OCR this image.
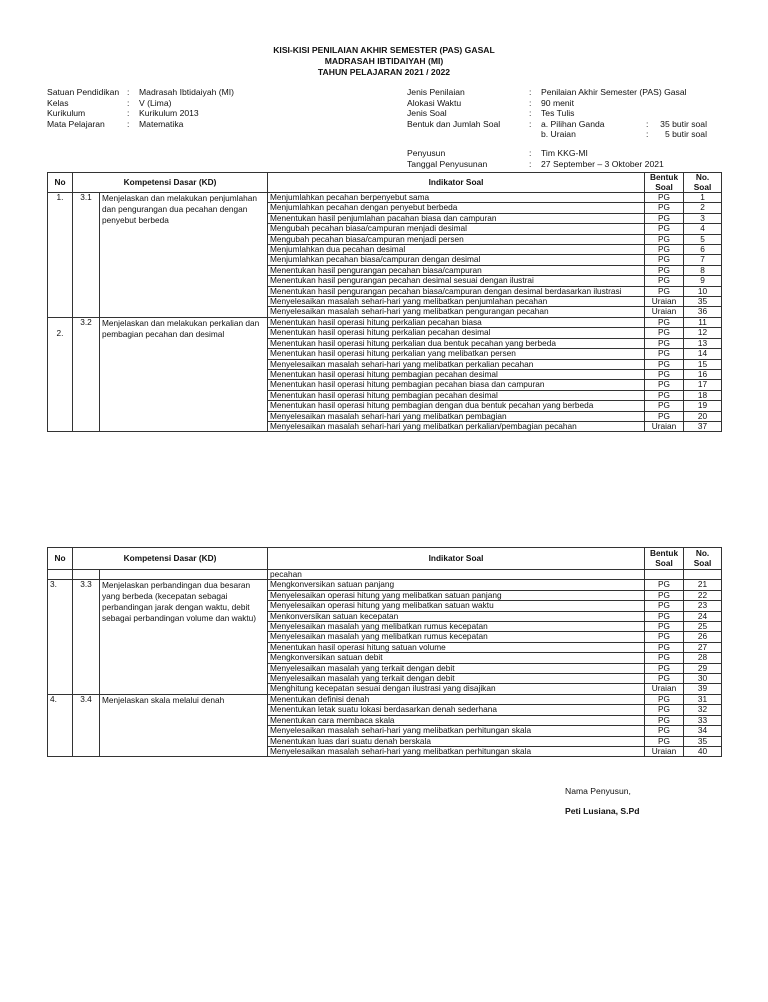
KISI-KISI PENILAIAN AKHIR SEMESTER (PAS) GASAL
MADRASAH IBTIDAIYAH (MI)
TAHUN PELAJARAN 2021 / 2022
Satuan Pendidikan :	Madrasah Ibtidaiyah (MI)
Kelas	:	V (Lima)
Kurikulum	:	Kurikulum 2013
Mata Pelajaran	:	Matematika
Jenis Penilaian	:	Penilaian Akhir Semester (PAS) Gasal
Alokasi Waktu	:	90 menit
Jenis Soal	:	Tes Tulis
Bentuk dan Jumlah Soal	:	a. Pilihan Ganda	:	35 butir soal
b. Uraian	:	5 butir soal
Penyusun	:	Tim KKG-MI
Tanggal Penyusunan	:	27 September – 3 Oktober 2021
No	Kompetensi Dasar (KD)		Indikator Soal	Bentuk Soal	No. Soal
1.	3.1	Menjelaskan dan melakukan penjumlahan dan pengurangan dua pecahan dengan penyebut berbeda	Menjumlahkan pecahan berpenyebut sama	PG	1
			Menjumlahkan pecahan dengan penyebut berbeda	PG	2
			Menentukan hasil penjumlahan pacahan biasa dan campuran	PG	3
			Mengubah pecahan biasa/campuran menjadi desimal	PG	4
			Mengubah pecahan biasa/campuran menjadi persen	PG	5
			Menjumlahkan dua pecahan desimal	PG	6
			Menjumlahkan pecahan biasa/campuran dengan desimal	PG	7
			Menentukan hasil pengurangan pecahan biasa/campuran	PG	8
			Menentukan hasil pengurangan pecahan desimal sesuai dengan ilustrai	PG	9
			Menentukan hasil pengurangan pecahan biasa/campuran dengan desimal berdasarkan ilustrasi	PG	10
			Menyelesaikan masalah sehari-hari yang melibatkan penjumlahan pecahan	Uraian	35
			Menyelesaikan masalah sehari-hari yang melibatkan pengurangan pecahan	Uraian	36

2.	3.2	Menjelaskan dan melakukan perkalian dan pembagian pecahan dan desimal	Menentukan hasil operasi hitung perkalian pecahan biasa	PG	11
			Menentukan hasil operasi hitung perkalian pecahan desimal	PG	12
			Menentukan hasil operasi hitung perkalian dua bentuk pecahan yang berbeda	PG	13
			Menentukan hasil operasi hitung perkalian yang melibatkan persen	PG	14
			Menyelesaikan masalah sehari-hari yang melibatkan perkalian pecahan	PG	15
			Menentukan hasil operasi hitung pembagian pecahan desimal	PG	16
			Menentukan hasil operasi hitung pembagian pecahan biasa dan campuran	PG	17
			Menentukan hasil operasi hitung pembagian pecahan desimal	PG	18
			Menentukan hasil operasi hitung pembagian dengan dua bentuk pecahan yang berbeda	PG	19
			Menyelesaikan masalah sehari-hari yang melibatkan pembagian	PG	20
			Menyelesaikan masalah sehari-hari yang melibatkan perkalian/pembagian pecahan	Uraian	37
No	Kompetensi Dasar (KD)		Indikator Soal	Bentuk Soal	No. Soal
			pecahan		
3.	3.3	Menjelaskan perbandingan dua besaran yang berbeda (kecepatan sebagai perbandingan jarak dengan waktu, debit sebagai perbandingan volume dan waktu)	Mengkonversikan satuan panjang	PG	21
			Menyelesaikan operasi hitung yang melibatkan satuan panjang	PG	22
			Menyelesaikan operasi hitung yang melibatkan satuan waktu	PG	23
			Menkonversikan satuan kecepatan	PG	24
			Menyelesaikan masalah yang melibatkan rumus kecepatan	PG	25
			Menyelesaikan masalah yang melibatkan rumus kecepatan	PG	26
			Menentukan hasil operasi hitung satuan volume	PG	27
			Mengkonversikan satuan debit	PG	28
			Menyelesaikan masalah yang terkait dengan debit	PG	29
			Menyelesaikan masalah yang terkait dengan debit	PG	30
			Menghitung kecepatan sesuai dengan ilustrasi yang disajikan	Uraian	39
4.	3.4	Menjelaskan skala melalui denah	Menentukan definisi denah	PG	31
			Menentukan letak suatu lokasi berdasarkan denah sederhana	PG	32
			Menentukan cara membaca skala	PG	33
			Menyelesaikan masalah sehari-hari yang melibatkan perhitungan skala	PG	34
			Menentukan luas dari suatu denah berskala	PG	35
			Menyelesaikan masalah sehari-hari yang melibatkan perhitungan skala	Uraian	40
Nama Penyusun,
Peti Lusiana, S.Pd
